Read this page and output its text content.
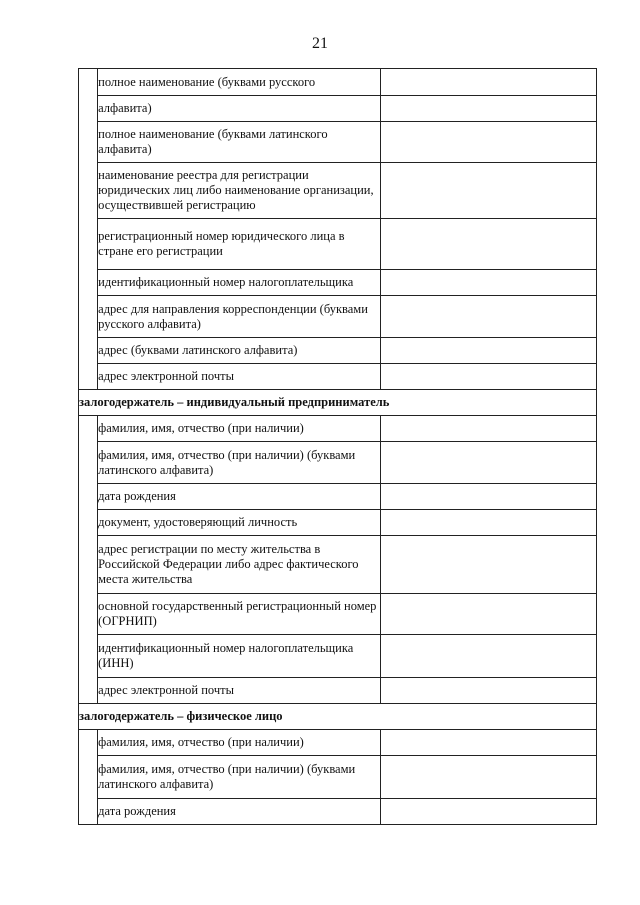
21
	полное наименование (буквами русского	
	алфавита)	
	полное наименование (буквами латинского алфавита)	
	наименование реестра для регистрации юридических лиц либо наименование организации, осуществившей регистрацию	
	регистрационный номер юридического лица в стране его регистрации	
	идентификационный номер налогоплательщика	
	адрес для направления корреспонденции (буквами русского алфавита)	
	адрес (буквами латинского алфавита)	
	адрес электронной почты	
залогодержатель – индивидуальный предприниматель		
	фамилия, имя, отчество (при наличии)	
	фамилия, имя, отчество (при наличии) (буквами латинского алфавита)	
	дата рождения	
	документ, удостоверяющий личность	
	адрес регистрации по месту жительства в Российской Федерации либо адрес фактического места жительства	
	основной государственный регистрационный номер (ОГРНИП)	
	идентификационный номер налогоплательщика (ИНН)	
	адрес электронной почты	
залогодержатель – физическое лицо		
	фамилия, имя, отчество (при наличии)	
	фамилия, имя, отчество (при наличии) (буквами латинского алфавита)	
	дата рождения	
